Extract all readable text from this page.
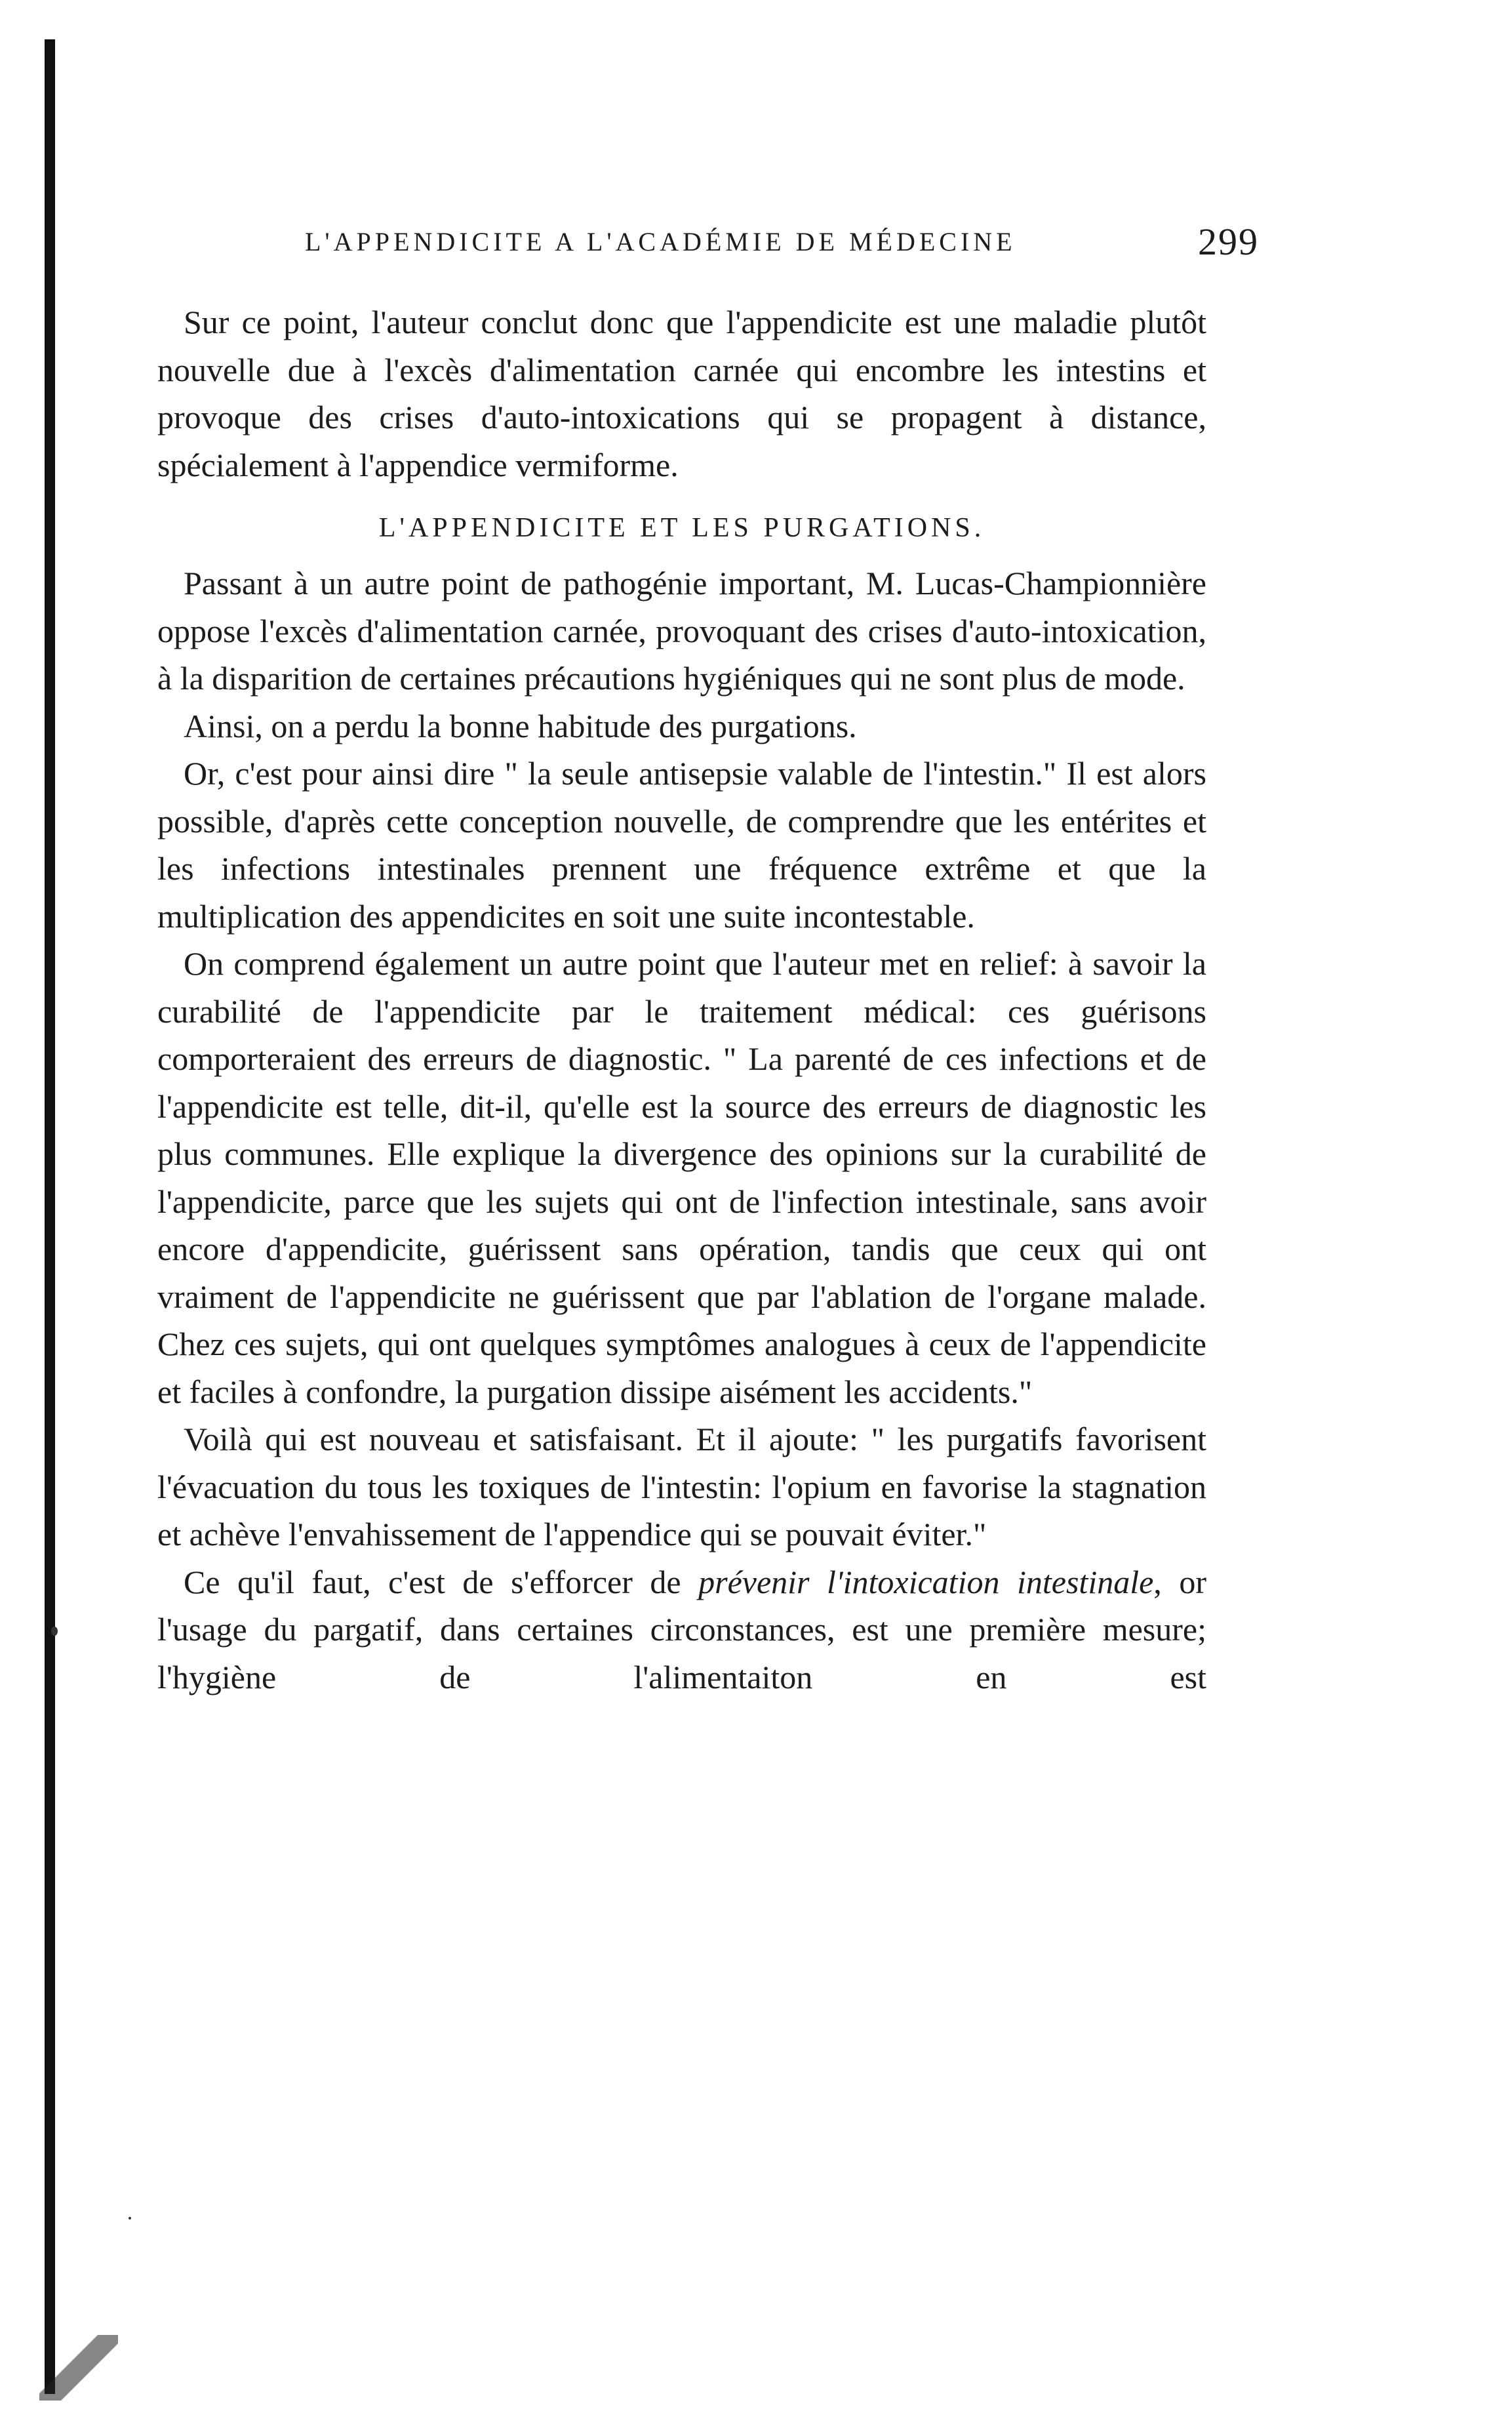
L'APPENDICITE A L'ACADÉMIE DE MÉDECINE	299

Sur ce point, l'auteur conclut donc que l'appendicite est une maladie plutôt nouvelle due à l'excès d'alimentation carnée qui encombre les intestins et provoque des crises d'auto-intoxications qui se propagent à distance, spécialement à l'appendice vermiforme.

L'APPENDICITE ET LES PURGATIONS.

Passant à un autre point de pathogénie important, M. Lucas-Championnière oppose l'excès d'alimentation carnée, provoquant des crises d'auto-intoxication, à la disparition de certaines précautions hygiéniques qui ne sont plus de mode.

Ainsi, on a perdu la bonne habitude des purgations.

Or, c'est pour ainsi dire " la seule antisepsie valable de l'intestin." Il est alors possible, d'après cette conception nouvelle, de comprendre que les entérites et les infections intestinales prennent une fréquence extrême et que la multiplication des appendicites en soit une suite incontestable.

On comprend également un autre point que l'auteur met en relief: à savoir la curabilité de l'appendicite par le traitement médical: ces guérisons comporteraient des erreurs de diagnostic. " La parenté de ces infections et de l'appendicite est telle, dit-il, qu'elle est la source des erreurs de diagnostic les plus communes. Elle explique la divergence des opinions sur la curabilité de l'appendicite, parce que les sujets qui ont de l'infection intestinale, sans avoir encore d'appendicite, guérissent sans opération, tandis que ceux qui ont vraiment de l'appendicite ne guérissent que par l'ablation de l'organe malade. Chez ces sujets, qui ont quelques symptômes analogues à ceux de l'appendicite et faciles à confondre, la purgation dissipe aisément les accidents."

Voilà qui est nouveau et satisfaisant. Et il ajoute: " les purgatifs favorisent l'évacuation du tous les toxiques de l'intestin: l'opium en favorise la stagnation et achève l'envahissement de l'appendice qui se pouvait éviter."

Ce qu'il faut, c'est de s'efforcer de prévenir l'intoxication intestinale, or l'usage du pargatif, dans certaines circonstances, est une première mesure; l'hygiène de l'alimentaiton en est
